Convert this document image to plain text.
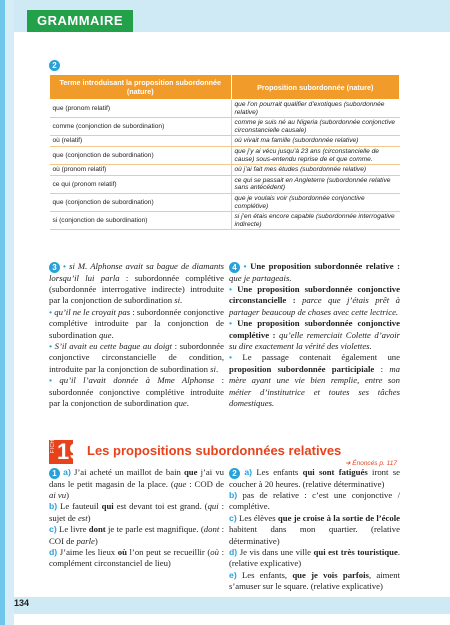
GRAMMAIRE
2
Terme introduisant la proposition subordonnée (nature)	Proposition subordonnée (nature)
que (pronom relatif)	que l’on pourrait qualifier d’exotiques (subordonnée relative)
comme (conjonction de subordination)	comme je suis né au Nigeria (subordonnée conjonctive circonstancielle causale)
où (relatif)	où vivait ma famille (subordonnée relative)
que (conjonction de subordination)	que j’y ai vécu jusqu’à 23 ans (circonstancielle de cause) sous-entendu reprise de et que comme.
où (pronom relatif)	où j’ai fait mes études (subordonnée relative)
ce qui (pronom relatif)	ce qui se passait en Angleterre (subordonnée relative sans antécédent)
que (conjonction de subordination)	que je voulais voir (subordonnée conjonctive complétive)
si (conjonction de subordination)	si j’en étais encore capable (subordonnée interrogative indirecte)

3 • si M. Alphonse avait sa bague de diamants lorsqu’il lui parla : subordonnée complétive (subordonnée interrogative indirecte) introduite par la conjonction de subordination si.

• qu’il ne le croyait pas : subordonnée conjonctive complétive introduite par la conjonction de subordination que.

• S’il avait eu cette bague au doigt : subordonnée conjonctive circonstancielle de condition, introduite par la conjonction de subordination si.

• qu’il l’avait donnée à Mme Alphonse : subordonnée conjonctive complétive introduite par la conjonction de subordination que.

4 • Une proposition subordonnée relative : que je partageais.

• Une proposition subordonnée conjonctive circonstancielle : parce que j’étais prêt à partager beaucoup de choses avec cette lectrice.

• Une proposition subordonnée conjonctive complétive : qu’elle remerciait Colette d’avoir su dire exactement la vérité des violettes.

• Le passage contenait également une proposition subordonnée participiale : ma mère ayant une vie bien remplie, entre son métier d’institutrice et toutes ses tâches domestiques.

FICHE 19 Les propositions subordonnées relatives
➜ Énoncés p. 117

1 a) J’ai acheté un maillot de bain que j’ai vu dans le petit magasin de la place. (que : COD de ai vu)

b) Le fauteuil qui est devant toi est grand. (qui : sujet de est)

c) Le livre dont je te parle est magnifique. (dont : COI de parle)

d) J’aime les lieux où l’on peut se recueillir (où : complément circonstanciel de lieu)

2 a) Les enfants qui sont fatigués iront se coucher à 20 heures. (relative déterminative)

b) pas de relative : c’est une conjonctive / complétive.

c) Les élèves que je croise à la sortie de l’école habitent dans mon quartier. (relative déterminative)

d) Je vis dans une ville qui est très touristique. (relative explicative)

e) Les enfants, que je vois parfois, aiment s’amuser sur le square. (relative explicative)

134
